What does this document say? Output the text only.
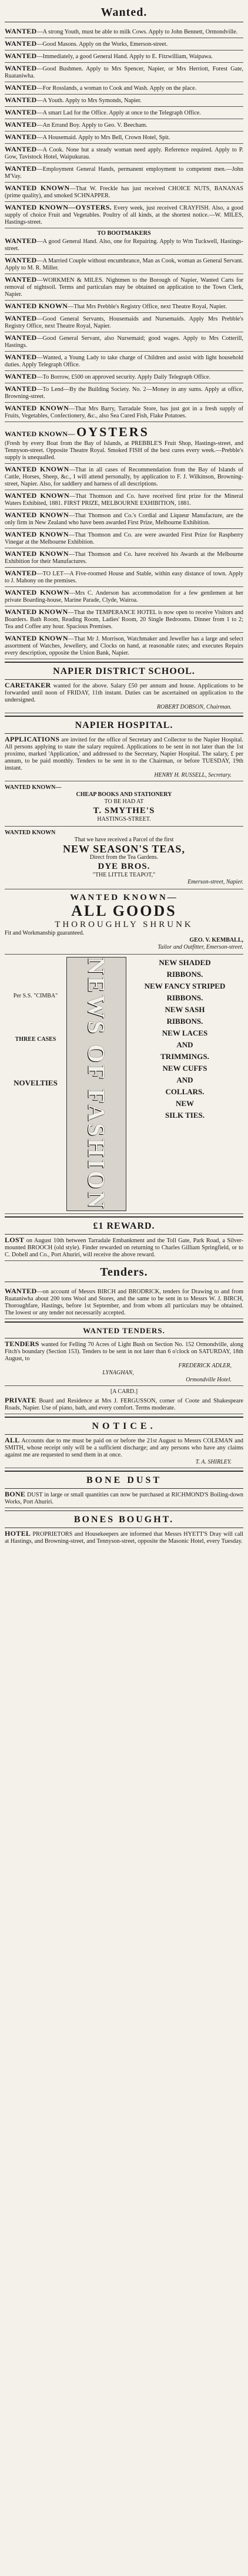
Wanted.
WANTED—A strong Youth, must be able to milk Cows. Apply to John Bennett, Ormondville.
WANTED—Good Masons. Apply on the Works, Emerson-street.
WANTED—Immediately, a good General Hand. Apply to E. Fitzwilliam, Waipawa.
WANTED—Good Bushmen. Apply to Mrs Spencer, Napier, or Mrs Herriott, Forest Gate, Ruataniwha.
WANTED—For Rosslands, a woman to Cook and Wash. Apply on the place.
WANTED—A Youth. Apply to Mrs Symonds, Napier.
WANTED—A smart Lad for the Office. Apply at once to the Telegraph Office.
WANTED—An Errand Boy. Apply to Geo. V. Beecham.
WANTED—A Housemaid. Apply to Mrs Bell, Crown Hotel, Spit.
WANTED—A Cook. None but a steady woman need apply. Reference required. Apply to P. Gow, Tavistock Hotel, Waipukurau.
WANTED—Employment General Hands, permanent employment to competent men.—John M'Vay.
WANTED KNOWN—That W. Freckle has just received CHOICE NUTS, BANANAS (prime quality), and smoked SCHNAPPER.
WANTED KNOWN—OYSTERS. Every week, just received CRAYFISH. Also, a good supply of choice Fruit and Vegetables. Poultry of all kinds, at the shortest notice.—W. MILES, Hastings-street.
TO BOOTMAKERS
WANTED—A good General Hand. Also, one for Repairing. Apply to Wm Tuckwell, Hastings-street.
WANTED—A Married Couple without encumbrance, Man as Cook, woman as General Servant. Apply to M. R. Miller.
WANTED—WORKMEN & MILES. Nightmen to the Borough of Napier, Wanted Carts for removal of nightsoil. Terms and particulars may be obtained on application to the Town Clerk, Napier.
WANTED KNOWN—That Mrs Prebble's Registry Office, next Theatre Royal, Napier.
WANTED—Good General Servants, Housemaids and Nursemaids. Apply Mrs Prebble's Registry Office, next Theatre Royal, Napier.
WANTED—Good General Servant, also Nursemaid; good wages. Apply to Mrs Cotterill, Hastings.
WANTED—Wanted, a Young Lady to take charge of Children and assist with light household duties. Apply Telegraph Office.
WANTED—To Borrow, £500 on approved security. Apply Daily Telegraph Office.
WANTED—To Lend—By the Building Society. No. 2—Money in any sums. Apply at office, Browning-street.
WANTED KNOWN—That Mrs Barry, Tarradale Store, has just got in a fresh supply of Fruits, Vegetables, Confectionery, &c., also Sea Cured Fish, Flake Potatoes.
WANTED KNOWN— OYSTERS
(Fresh by every Boat from the Bay of Islands, at PREBBLE'S Fruit Shop, Hastings-street, and Tennyson-street. Opposite Theatre Royal. Smoked FISH of the best cures every week.—Prebble's supply is unequalled.
WANTED KNOWN—That in all cases of Recommendation from the Bay of Islands of Cattle, Horses, Sheep, &c., I will attend personally, by application to F. J. Wilkinson, Browning-street, Napier. Also, for saddlery and harness of all descriptions.
WANTED KNOWN—That Thomson and Co. have received first prize for the Mineral Waters Exhibited, 1881. FIRST PRIZE, MELBOURNE EXHIBITION, 1881.
WANTED KNOWN—That Thomson and Co.'s Cordial and Liqueur Manufacture, are the only firm in New Zealand who have been awarded First Prize, Melbourne Exhibition.
WANTED KNOWN—That Thomson and Co. are were awarded First Prize for Raspberry Vinegar at the Melbourne Exhibition.
WANTED KNOWN—That Thomson and Co. have received his Awards at the Melbourne Exhibition for their Manufactures.
WANTED—TO LET—A Five-roomed House and Stable, within easy distance of town. Apply to J. Mahony on the premises.
WANTED KNOWN—Mrs C. Anderson has accommodation for a few gentlemen at her private Boarding-house, Marine Parade, Clyde, Wairoa.
WANTED KNOWN—That the TEMPERANCE HOTEL is now open to receive Visitors and Boarders. Bath Room, Reading Room, Ladies' Room, 20 Single Bedrooms. Dinner from 1 to 2; Tea and Coffee any hour. Spacious Premises.
WANTED KNOWN—That Mr J. Morrison, Watchmaker and Jeweller has a large and select assortment of Watches, Jewellery, and Clocks on hand, at reasonable rates; and executes Repairs every description, opposite the Union Bank, Napier.
NAPIER DISTRICT SCHOOL.
CARETAKER wanted for the above. Salary £50 per annum and house. Applications to be forwarded until noon of FRIDAY, 11th instant. Duties can be ascertained on application to the undersigned.
ROBERT DOBSON, Chairman.
NAPIER HOSPITAL.
APPLICATIONS are invited for the office of Secretary and Collector to the Napier Hospital. All persons applying to state the salary required. Applications to be sent in not later than the 1st proximo, marked 'Application,' and addressed to the Secretary, Napier Hospital. The salary, £ per annum, to be paid monthly. Tenders to be sent in to the Chairman, or before TUESDAY, 19th instant.
HENRY H. RUSSELL, Secretary.
WANTED KNOWN—
CHEAP BOOKS AND STATIONERY
TO BE HAD AT
T. SMYTHE'S
HASTINGS-STREET.
WANTED KNOWN
That we have received a Parcel of the first
NEW SEASON'S TEAS,
Direct from the Tea Gardens.
DYE BROS.
"THE LITTLE TEAPOT,"
Emerson-street, Napier.
WANTED KNOWN—
ALL GOODS
THOROUGHLY SHRUNK
Fit and Workmanship guaranteed.
GEO. V. KEMBALL,
Tailor and Outfitter, Emerson-street.
Per S.S. "CIMBA"
THREE CASES
NOVELTIES	NEWS OF FASHION	NEW SHADED
RIBBONS.
NEW FANCY STRIPED
RIBBONS.
NEW SASH
RIBBONS.
NEW LACES
AND
TRIMMINGS.
NEW CUFFS
AND
COLLARS.
NEW
SILK TIES.
£1 REWARD.
LOST on August 10th between Tarradale Embankment and the Toll Gate, Park Road, a Silver-mounted BROOCH (old style). Finder rewarded on returning to Charles Gilliam Springfield, or to C. Dobell and Co., Port Ahuriri, will receive the above reward.
Tenders.
WANTED—on account of Messrs BIRCH and BRODRICK, tenders for Drawing to and from Ruataniwha about 200 tons Wool and Stores, and the same to be sent in to Messrs W. J. BIRCH, Thoroughfare, Hastings, before 1st September, and from whom all particulars may be obtained. The lowest or any tender not necessarily accepted.
WANTED TENDERS.
TENDERS wanted for Felling 70 Acres of Light Bush on Section No. 152 Ormondville, along Fitch's boundary (Section 153). Tenders to be sent in not later than 6 o'clock on SATURDAY, 18th August, to
FREDERICK ADLER,
LYNAGHAN,
Ormondville Hotel.
[A CARD.]
PRIVATE Board and Residence at Mrs J. FERGUSSON, corner of Coote and Shakespeare Roads, Napier. Use of piano, bath, and every comfort. Terms moderate.
NOTICE.
ALL Accounts due to me must be paid on or before the 21st August to Messrs COLEMAN and SMITH, whose receipt only will be a sufficient discharge; and any persons who have any claims against me are requested to send them in at once.
T. A. SHIRLEY.
BONE DUST
BONE DUST in large or small quantities can now be purchased at RICHMOND'S Boiling-down Works, Port Ahuriri.
BONES BOUGHT.
HOTEL PROPRIETORS and Housekeepers are informed that Messrs HYETT'S Dray will call at Hastings, and Browning-street, and Tennyson-street, opposite the Masonic Hotel, every Tuesday.
